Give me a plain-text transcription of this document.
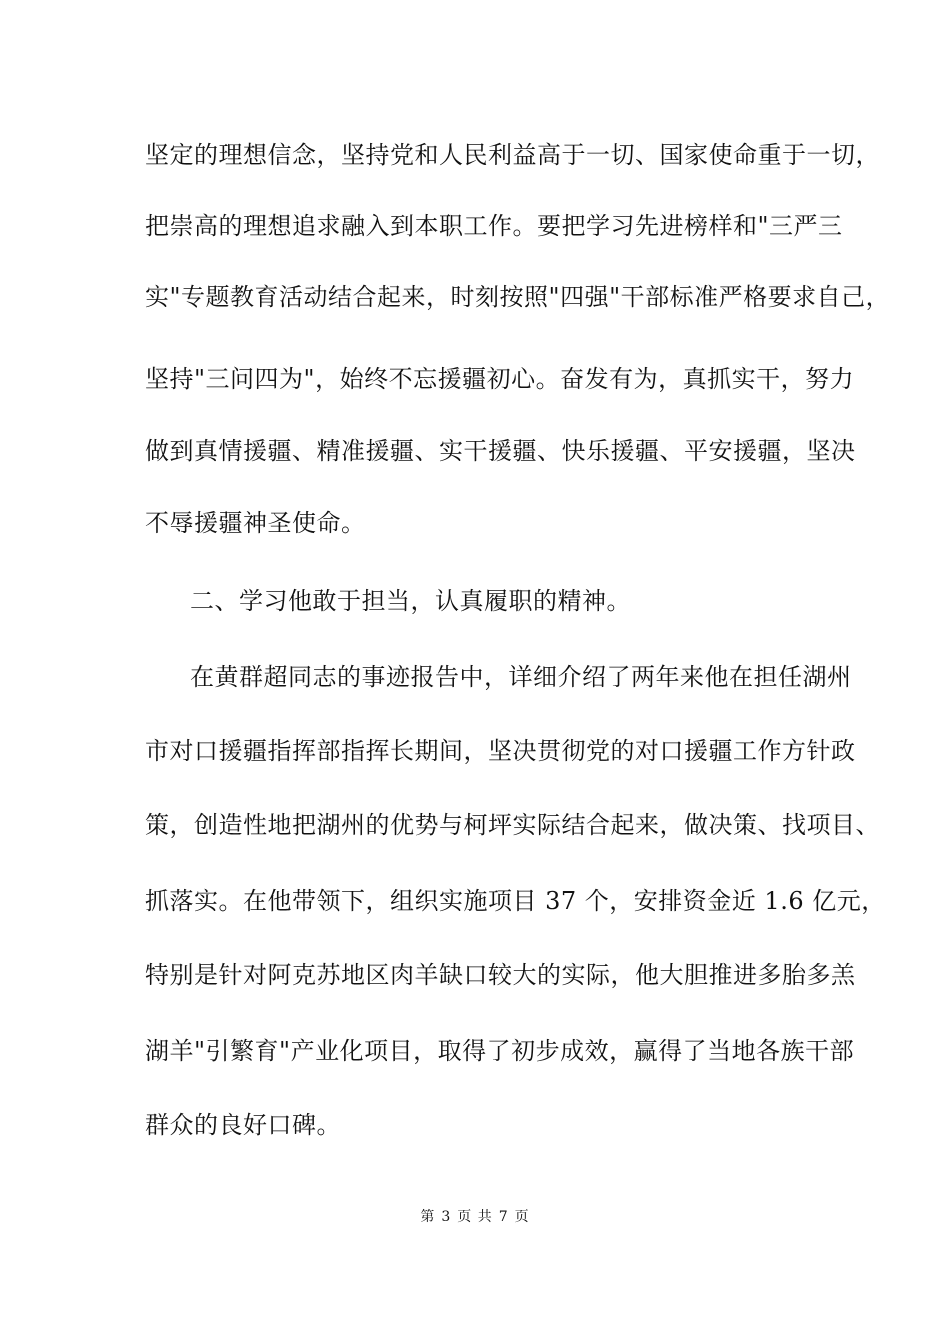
坚定的理想信念，坚持党和人民利益高于一切、国家使命重于一切，
把崇高的理想追求融入到本职工作。要把学习先进榜样和"三严三
实"专题教育活动结合起来，时刻按照"四强"干部标准严格要求自己，
坚持"三问四为"，始终不忘援疆初心。奋发有为，真抓实干，努力
做到真情援疆、精准援疆、实干援疆、快乐援疆、平安援疆，坚决
不辱援疆神圣使命。
二、学习他敢于担当，认真履职的精神。
在黄群超同志的事迹报告中，详细介绍了两年来他在担任湖州
市对口援疆指挥部指挥长期间，坚决贯彻党的对口援疆工作方针政
策，创造性地把湖州的优势与柯坪实际结合起来，做决策、找项目、
抓落实。在他带领下，组织实施项目 37 个，安排资金近 1.6 亿元，
特别是针对阿克苏地区肉羊缺口较大的实际，他大胆推进多胎多羔
湖羊"引繁育"产业化项目，取得了初步成效，赢得了当地各族干部
群众的良好口碑。
第 3 页 共 7 页
